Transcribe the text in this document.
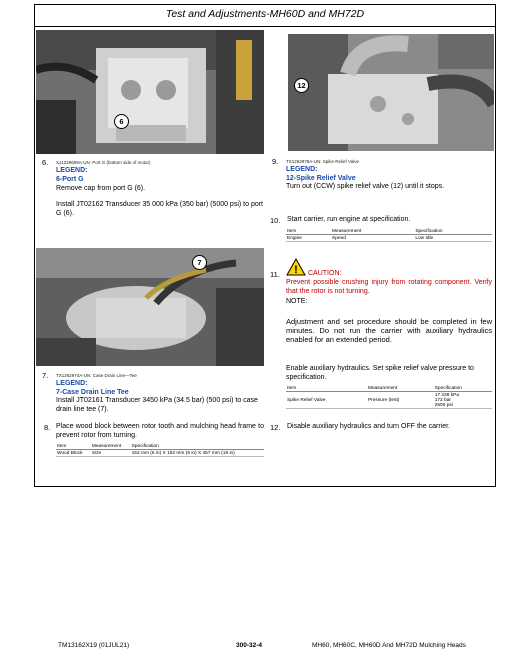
Test and Adjustments-MH60D and MH72D
6
12
7
6. XJ1229609A-UN: Port G (bottom side of motor)
LEGEND:
6-Port G
Remove cap from port G (6).
Install JT02162 Transducer 35 000 kPa (350 bar) (5000 psi) to port G (6).
7. TX1262974A-UN: Case Drain Line—Tee
LEGEND:
7-Case Drain Line Tee
Install JT02161 Transducer 3450 kPa (34.5 bar) (500 psi) to case drain line tee (7).
8. Place wood block between rotor tooth and mulching head frame to prevent rotor from turning.
Item	Measurement	Specification
Wood Block	Size	152 mm (6 in) X 152 mm (6 in) X 457 mm (18 in)
9. TX1262978A-UN: Spike Relief Valve
LEGEND:
12-Spike Relief Valve
Turn out (CCW) spike relief valve (12) until it stops.
10. Start carrier, run engine at specification.
Item	Measurement	Specification
Engine	Speed	Low Idle
11. ! CAUTION:
Prevent possible crushing injury from rotating component. Verify that the rotor is not turning.
NOTE:
Adjustment and set procedure should be completed in few minutes. Do not run the carrier with auxiliary hydraulics enabled for an extended period.
Enable auxiliary hydraulics. Set spike relief valve pressure to specification.
Item	Measurement	Specification
Spike Relief Valve	Pressure (test)	17 238 kPa
172 bar
2500 psi
12. Disable auxiliary hydraulics and turn OFF the carrier.
TM13162X19 (01JUL21)	300-32-4	MH60, MH60C, MH60D And MH72D Mulching Heads
